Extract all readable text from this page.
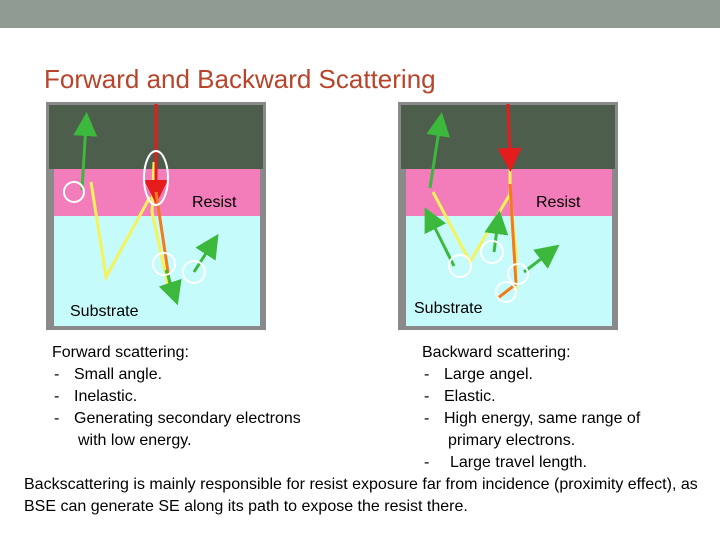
Forward and Backward Scattering
Resist
Substrate
Resist
Substrate
Forward scattering:
- Small angle.
- Inelastic.
- Generating secondary electrons
with low energy.
Backward scattering:
- Large angel.
- Elastic.
- High energy, same range of
primary electrons.
- Large travel length.
Backscattering is mainly responsible for resist exposure far from incidence (proximity effect), as BSE can generate SE along its path to expose the resist there.
